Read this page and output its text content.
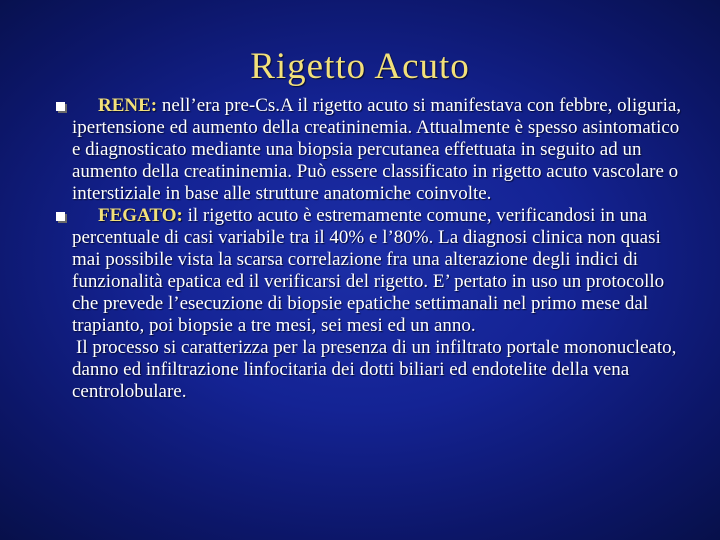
Rigetto Acuto

RENE: nell’era pre-Cs.A il rigetto acuto si manifestava con febbre, oliguria, ipertensione ed aumento della creatininemia. Attualmente è spesso asintomatico e diagnosticato mediante una biopsia percutanea effettuata in seguito ad un aumento della creatininemia. Può essere classificato in rigetto acuto vascolare o interstiziale in base alle strutture anatomiche coinvolte.

FEGATO: il rigetto acuto è estremamente comune, verificandosi in una percentuale di casi variabile tra il 40% e l’80%. La diagnosi clinica non quasi mai possibile vista la scarsa correlazione fra una alterazione degli indici di funzionalità epatica ed il verificarsi del rigetto. E’ pertato in uso un protocollo che prevede l’esecuzione di biopsie epatiche settimanali nel primo mese dal trapianto, poi biopsie a tre mesi, sei mesi ed un anno.

Il processo si caratterizza per la presenza di un infiltrato portale mononucleato, danno ed infiltrazione linfocitaria dei dotti biliari ed endotelite della vena centrolobulare.
